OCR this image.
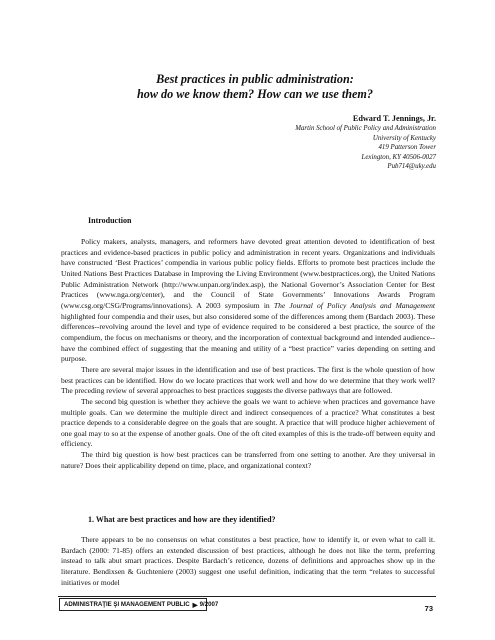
Best practices in public administration:
how do we know them? How can we use them?
Edward T. Jennings, Jr.
Martin School of Public Policy and Administration
University of Kentucky
419 Patterson Tower
Lexington, KY 40506-0027
Pub714@uky.edu
Introduction

Policy makers, analysts, managers, and reformers have devoted great attention devoted to identification of best practices and evidence-based practices in public policy and administration in recent years. Organizations and individuals have constructed ‘Best Practices’ compendia in various public policy fields. Efforts to promote best practices include the United Nations Best Practices Database in Improving the Living Environment (www.bestpractices.org), the United Nations Public Administration Network (http://www.unpan.org/index.asp), the National Governor’s Association Center for Best Practices (www.nga.org/center), and the Council of State Governments’ Innovations Awards Program (www.csg.org/CSG/Programs/innovations). A 2003 symposium in The Journal of Policy Analysis and Management highlighted four compendia and their uses, but also considered some of the differences among them (Bardach 2003). These differences--revolving around the level and type of evidence required to be considered a best practice, the source of the compendium, the focus on mechanisms or theory, and the incorporation of contextual background and intended audience--have the combined effect of suggesting that the meaning and utility of a “best practice” varies depending on setting and purpose.

There are several major issues in the identification and use of best practices. The first is the whole question of how best practices can be identified. How do we locate practices that work well and how do we determine that they work well? The preceding review of several approaches to best practices suggests the diverse pathways that are followed.

The second big question is whether they achieve the goals we want to achieve when practices and governance have multiple goals. Can we determine the multiple direct and indirect consequences of a practice? What constitutes a best practice depends to a considerable degree on the goals that are sought. A practice that will produce higher achievement of one goal may to so at the expense of another goals. One of the oft cited examples of this is the trade-off between equity and efficiency.

The third big question is how best practices can be transferred from one setting to another. Are they universal in nature? Does their applicability depend on time, place, and organizational context?

1. What are best practices and how are they identified?

There appears to be no consensus on what constitutes a best practice, how to identify it, or even what to call it. Bardach (2000: 71-85) offers an extended discussion of best practices, although he does not like the term, preferring instead to talk abut smart practices. Despite Bardach’s reticence, dozens of definitions and approaches show up in the literature. Bendixsen & Guchteniere (2003) suggest one useful definition, indicating that the term “relates to successful initiatives or model

ADMINISTRAŢIE ŞI MANAGEMENT PUBLIC ▶ 9/2007	73
